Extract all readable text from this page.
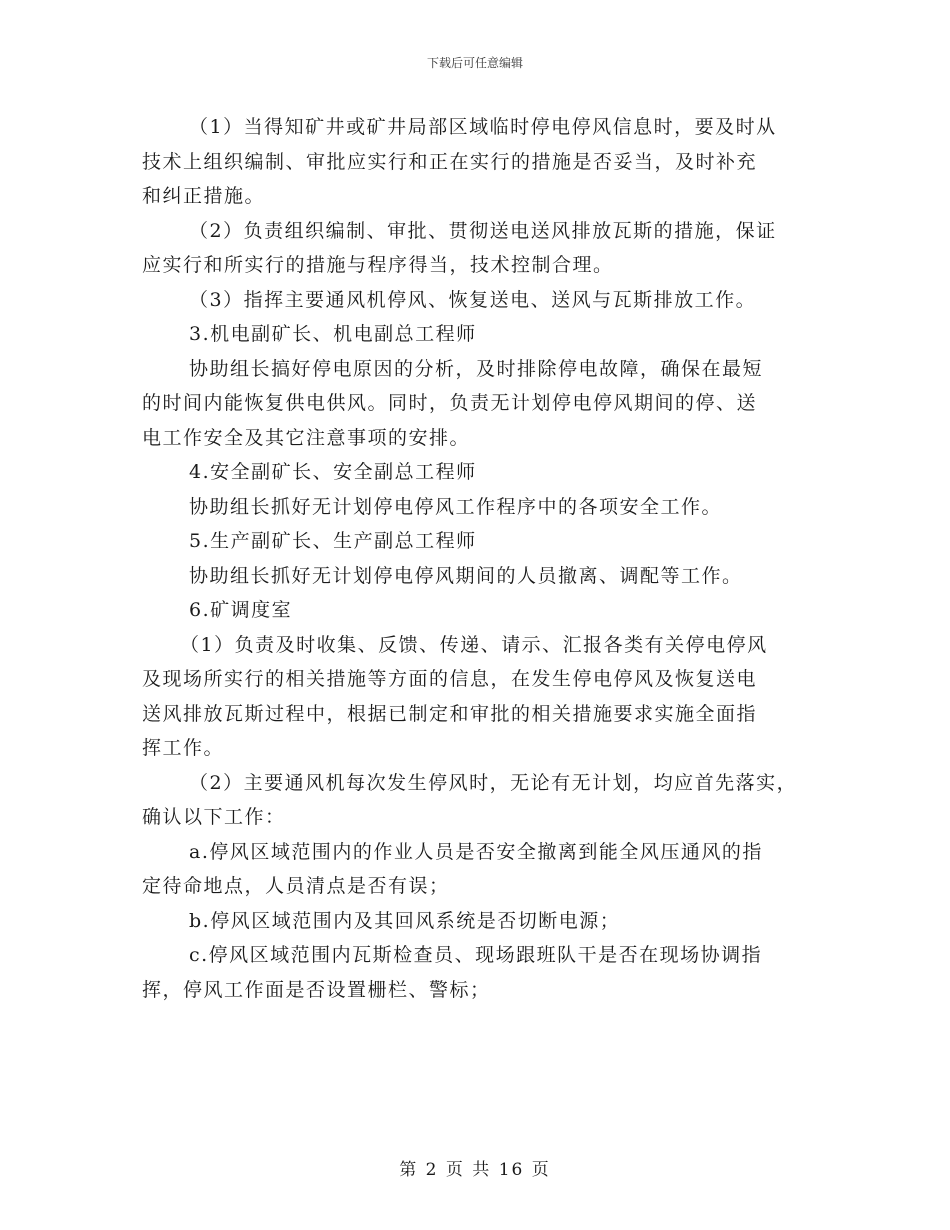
下载后可任意编辑
（1）当得知矿井或矿井局部区域临时停电停风信息时，要及时从
技术上组织编制、审批应实行和正在实行的措施是否妥当，及时补充
和纠正措施。
（2）负责组织编制、审批、贯彻送电送风排放瓦斯的措施，保证
应实行和所实行的措施与程序得当，技术控制合理。
（3）指挥主要通风机停风、恢复送电、送风与瓦斯排放工作。
3.机电副矿长、机电副总工程师
协助组长搞好停电原因的分析，及时排除停电故障，确保在最短
的时间内能恢复供电供风。同时，负责无计划停电停风期间的停、送
电工作安全及其它注意事项的安排。
4.安全副矿长、安全副总工程师
协助组长抓好无计划停电停风工作程序中的各项安全工作。
5.生产副矿长、生产副总工程师
协助组长抓好无计划停电停风期间的人员撤离、调配等工作。
6.矿调度室
（1）负责及时收集、反馈、传递、请示、汇报各类有关停电停风
及现场所实行的相关措施等方面的信息，在发生停电停风及恢复送电
送风排放瓦斯过程中，根据已制定和审批的相关措施要求实施全面指
挥工作。
（2）主要通风机每次发生停风时，无论有无计划，均应首先落实，
确认以下工作：
a.停风区域范围内的作业人员是否安全撤离到能全风压通风的指
定待命地点，人员清点是否有误；
b.停风区域范围内及其回风系统是否切断电源；
c.停风区域范围内瓦斯检查员、现场跟班队干是否在现场协调指
挥，停风工作面是否设置栅栏、警标；
第 2 页 共 16 页
